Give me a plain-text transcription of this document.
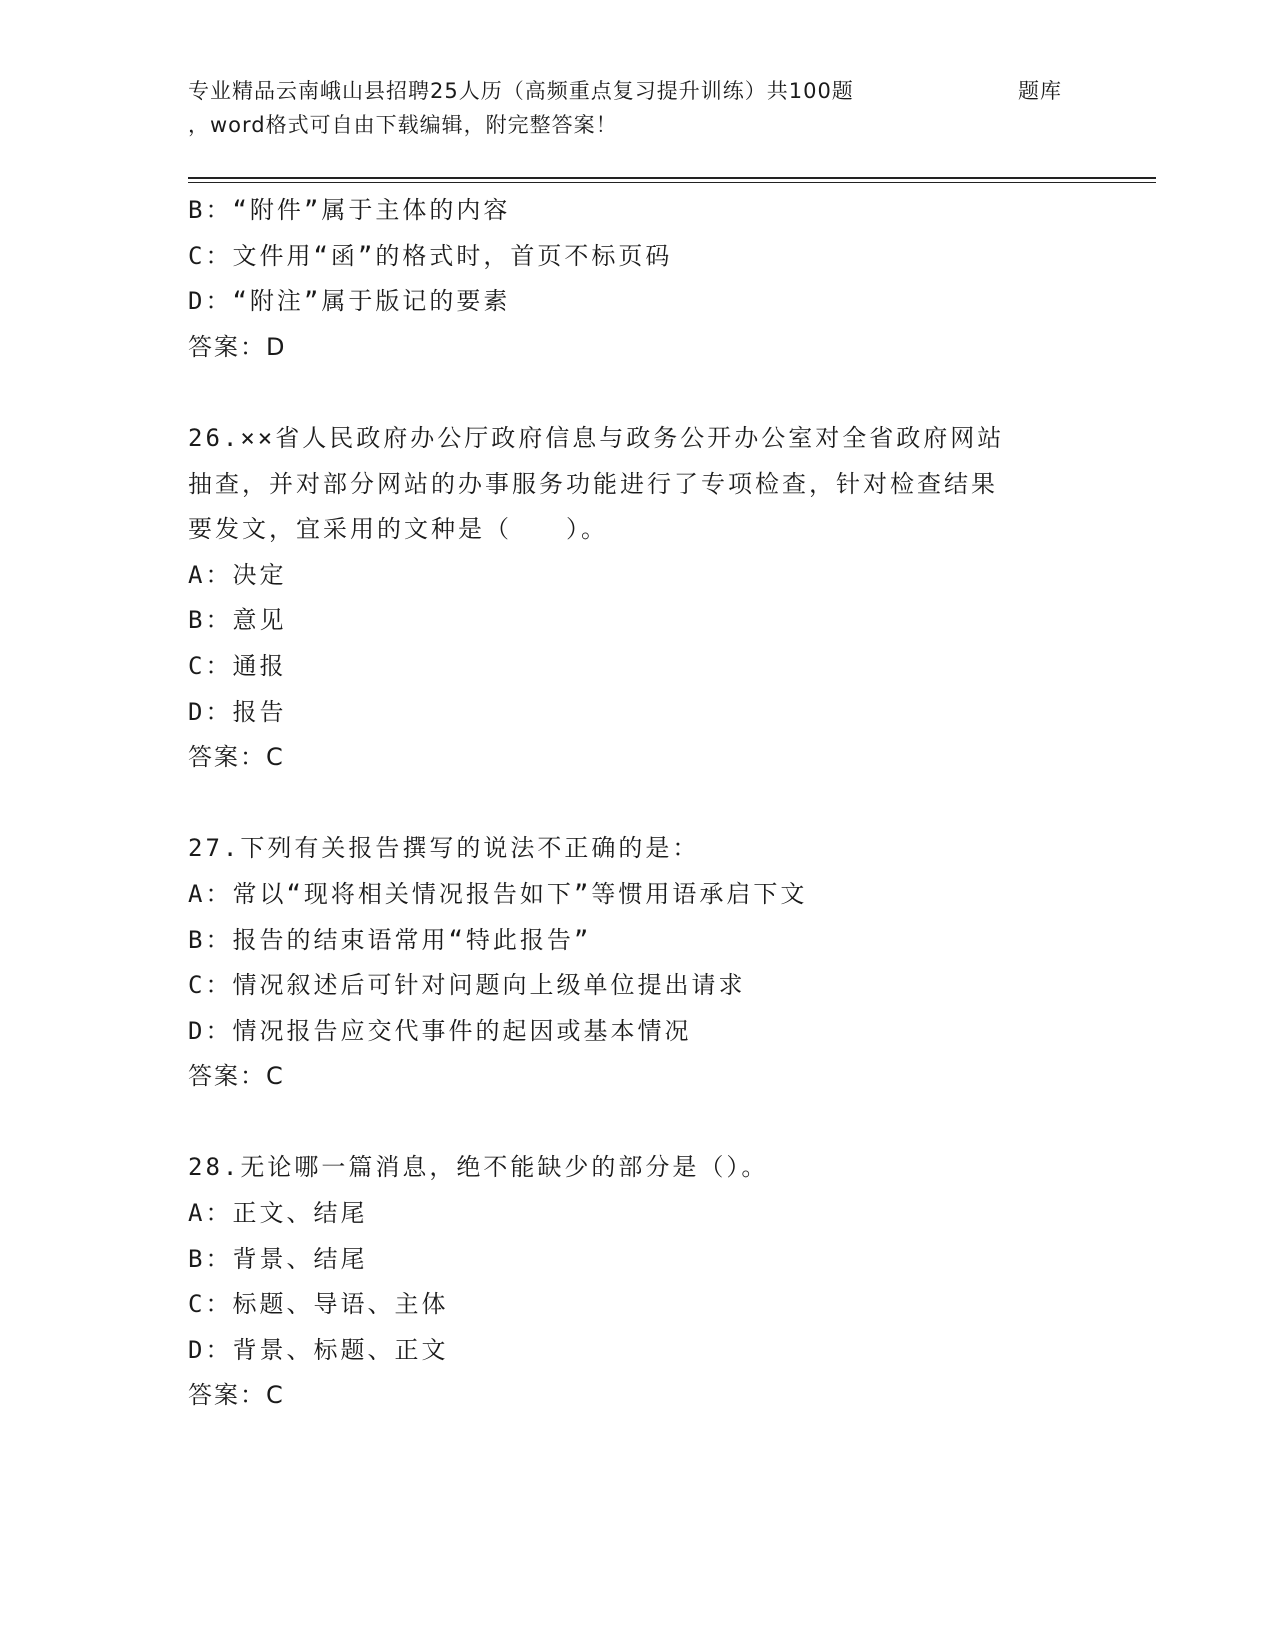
专业精品云南峨山县招聘25人历（高频重点复习提升训练）共100题	题库
，word格式可自由下载编辑，附完整答案！
B：“附件”属于主体的内容
C：文件用“函”的格式时，首页不标页码
D：“附注”属于版记的要素
答案：D
26.××省人民政府办公厅政府信息与政务公开办公室对全省政府网站
抽查，并对部分网站的办事服务功能进行了专项检查，针对检查结果
要发文，宜采用的文种是（　　）。
A：决定
B：意见
C：通报
D：报告
答案：C
27.下列有关报告撰写的说法不正确的是：
A：常以“现将相关情况报告如下”等惯用语承启下文
B：报告的结束语常用“特此报告”
C：情况叙述后可针对问题向上级单位提出请求
D：情况报告应交代事件的起因或基本情况
答案：C
28.无论哪一篇消息，绝不能缺少的部分是（）。
A：正文、结尾
B：背景、结尾
C：标题、导语、主体
D：背景、标题、正文
答案：C
